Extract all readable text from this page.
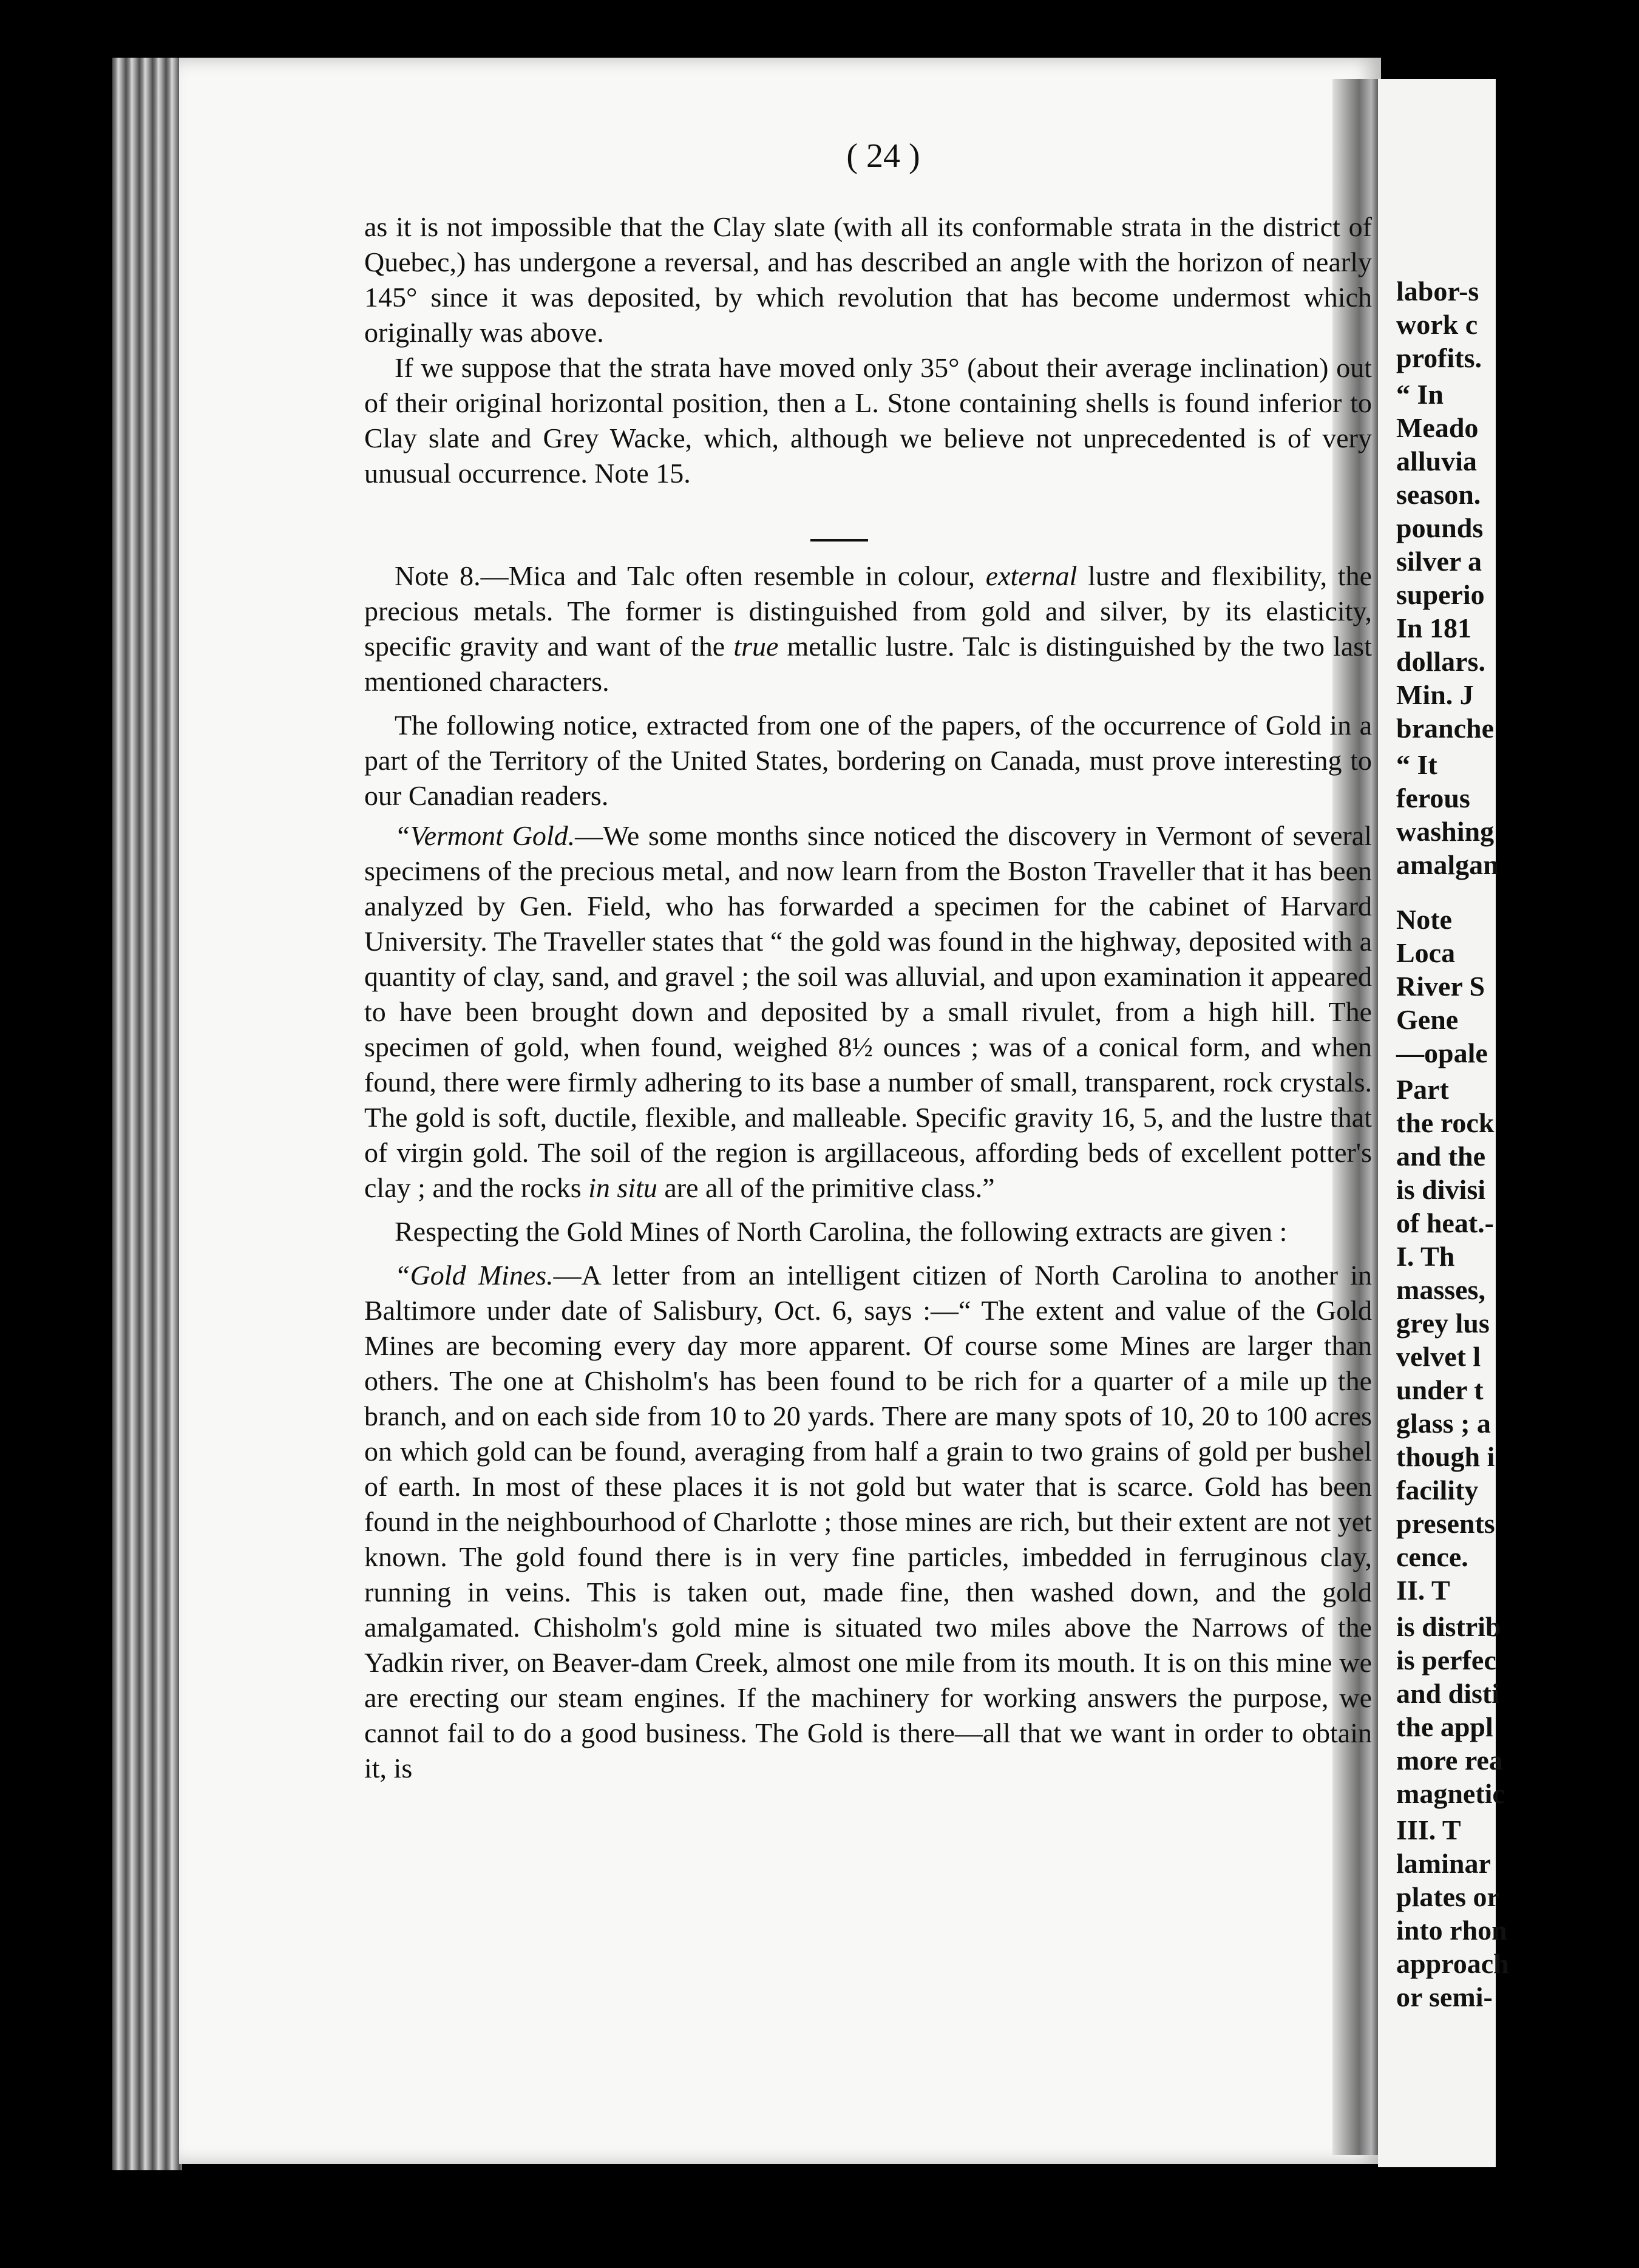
labor-s
work c
profits.
“ In
Meado
alluvia
season.
pounds
silver a
superio
In 181
dollars.
Min. J
branche
“ It
ferous
washing
amalgan
Note
Loca
River S
Gene
—opale
Part
the rock
and the
is divisi
of heat.-
I. Th
masses,
grey lus
velvet l
under t
glass ; a
though i
facility
presents
cence.
II. T
is distrib
is perfec
and disti
the appl
more rea
magnetic
III. T
laminar
plates or
into rhon
approach
or semi-
( 24 )

as it is not impossible that the Clay slate (with all its conformable strata in the district of Quebec,) has undergone a reversal, and has described an angle with the horizon of nearly 145° since it was deposited, by which revolution that has become undermost which originally was above.

If we suppose that the strata have moved only 35° (about their average inclination) out of their original horizontal position, then a L. Stone containing shells is found inferior to Clay slate and Grey Wacke, which, although we believe not unprecedented is of very unusual occurrence. Note 15.

Note 8.—Mica and Talc often resemble in colour, external lustre and flexibility, the precious metals. The former is distinguished from gold and silver, by its elasticity, specific gravity and want of the true metallic lustre. Talc is distinguished by the two last mentioned characters.

The following notice, extracted from one of the papers, of the occurrence of Gold in a part of the Territory of the United States, bordering on Canada, must prove interesting to our Canadian readers.

“Vermont Gold.—We some months since noticed the discovery in Vermont of several specimens of the precious metal, and now learn from the Boston Traveller that it has been analyzed by Gen. Field, who has forwarded a specimen for the cabinet of Harvard University. The Traveller states that “ the gold was found in the highway, deposited with a quantity of clay, sand, and gravel ; the soil was alluvial, and upon examination it appeared to have been brought down and deposited by a small rivulet, from a high hill. The specimen of gold, when found, weighed 8½ ounces ; was of a conical form, and when found, there were firmly adhering to its base a number of small, transparent, rock crystals. The gold is soft, ductile, flexible, and malleable. Specific gravity 16, 5, and the lustre that of virgin gold. The soil of the region is argillaceous, affording beds of excellent potter's clay ; and the rocks in situ are all of the primitive class.”

Respecting the Gold Mines of North Carolina, the following extracts are given :

“Gold Mines.—A letter from an intelligent citizen of North Carolina to another in Baltimore under date of Salisbury, Oct. 6, says :—“ The extent and value of the Gold Mines are becoming every day more apparent. Of course some Mines are larger than others. The one at Chisholm's has been found to be rich for a quarter of a mile up the branch, and on each side from 10 to 20 yards. There are many spots of 10, 20 to 100 acres on which gold can be found, averaging from half a grain to two grains of gold per bushel of earth. In most of these places it is not gold but water that is scarce. Gold has been found in the neighbourhood of Charlotte ; those mines are rich, but their extent are not yet known. The gold found there is in very fine particles, imbedded in ferruginous clay, running in veins. This is taken out, made fine, then washed down, and the gold amalgamated. Chisholm's gold mine is situated two miles above the Narrows of the Yadkin river, on Beaver-dam Creek, almost one mile from its mouth. It is on this mine we are erecting our steam engines. If the machinery for working answers the purpose, we cannot fail to do a good business. The Gold is there—all that we want in order to obtain it, is
